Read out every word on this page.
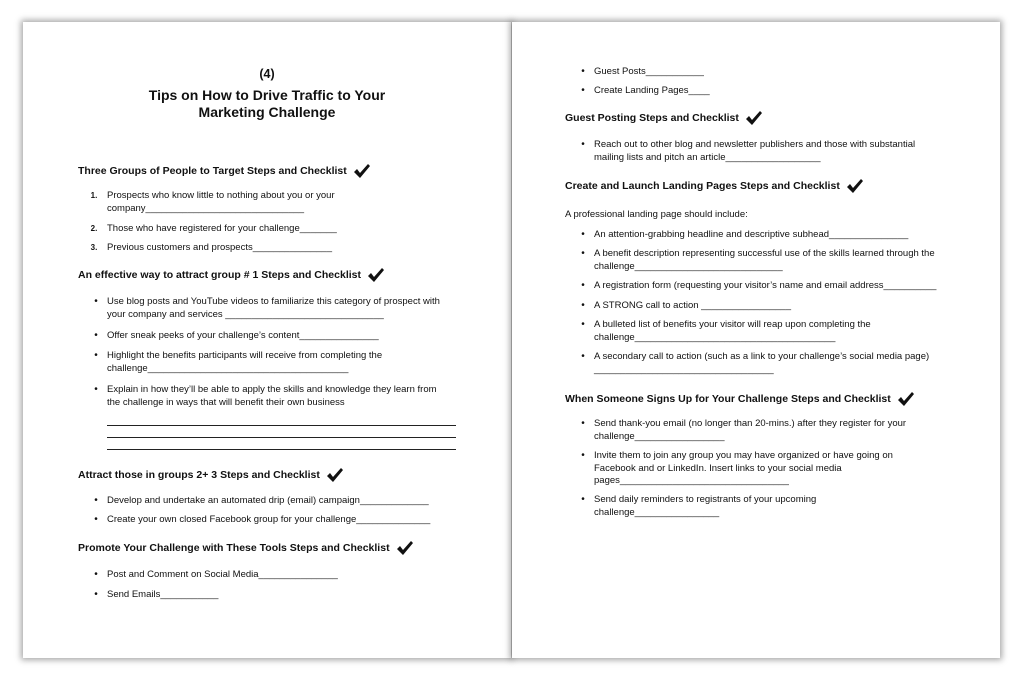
(4)
Tips on How to Drive Traffic to Your
Marketing Challenge
Three Groups of People to Target Steps and Checklist
1. Prospects who know little to nothing about you or your
company______________________________
2. Those who have registered for your challenge_______
3. Previous customers and prospects_______________
An effective way to attract group # 1 Steps and Checklist
•
Use blog posts and YouTube videos to familiarize this category of prospect with
your company and services ______________________________
•
Offer sneak peeks of your challenge’s content_______________
•
Highlight the benefits participants will receive from completing the
challenge______________________________________
•
Explain in how they’ll be able to apply the skills and knowledge they learn from
the challenge in ways that will benefit their own business
Attract those in groups 2+ 3 Steps and Checklist
•
Develop and undertake an automated drip (email) campaign_____________
•
Create your own closed Facebook group for your challenge______________
Promote Your Challenge with These Tools Steps and Checklist
•
Post and Comment on Social Media_______________
•
Send Emails___________
•
Guest Posts___________
•
Create Landing Pages____
Guest Posting Steps and Checklist
•
Reach out to other blog and newsletter publishers and those with substantial
mailing lists and pitch an article__________________
Create and Launch Landing Pages Steps and Checklist
A professional landing page should include:
•
An attention-grabbing headline and descriptive subhead_______________
•
A benefit description representing successful use of the skills learned through the
challenge____________________________
•
A registration form (requesting your visitor’s name and email address__________
•
A STRONG call to action _________________
•
A bulleted list of benefits your visitor will reap upon completing the
challenge______________________________________
•
A secondary call to action (such as a link to your challenge’s social media page)
__________________________________
When Someone Signs Up for Your Challenge Steps and Checklist
•
Send thank-you email (no longer than 20-mins.) after they register for your
challenge_________________
•
Invite them to join any group you may have organized or have going on
Facebook and or LinkedIn. Insert links to your social media
pages________________________________
•
Send daily reminders to registrants of your upcoming
challenge________________
